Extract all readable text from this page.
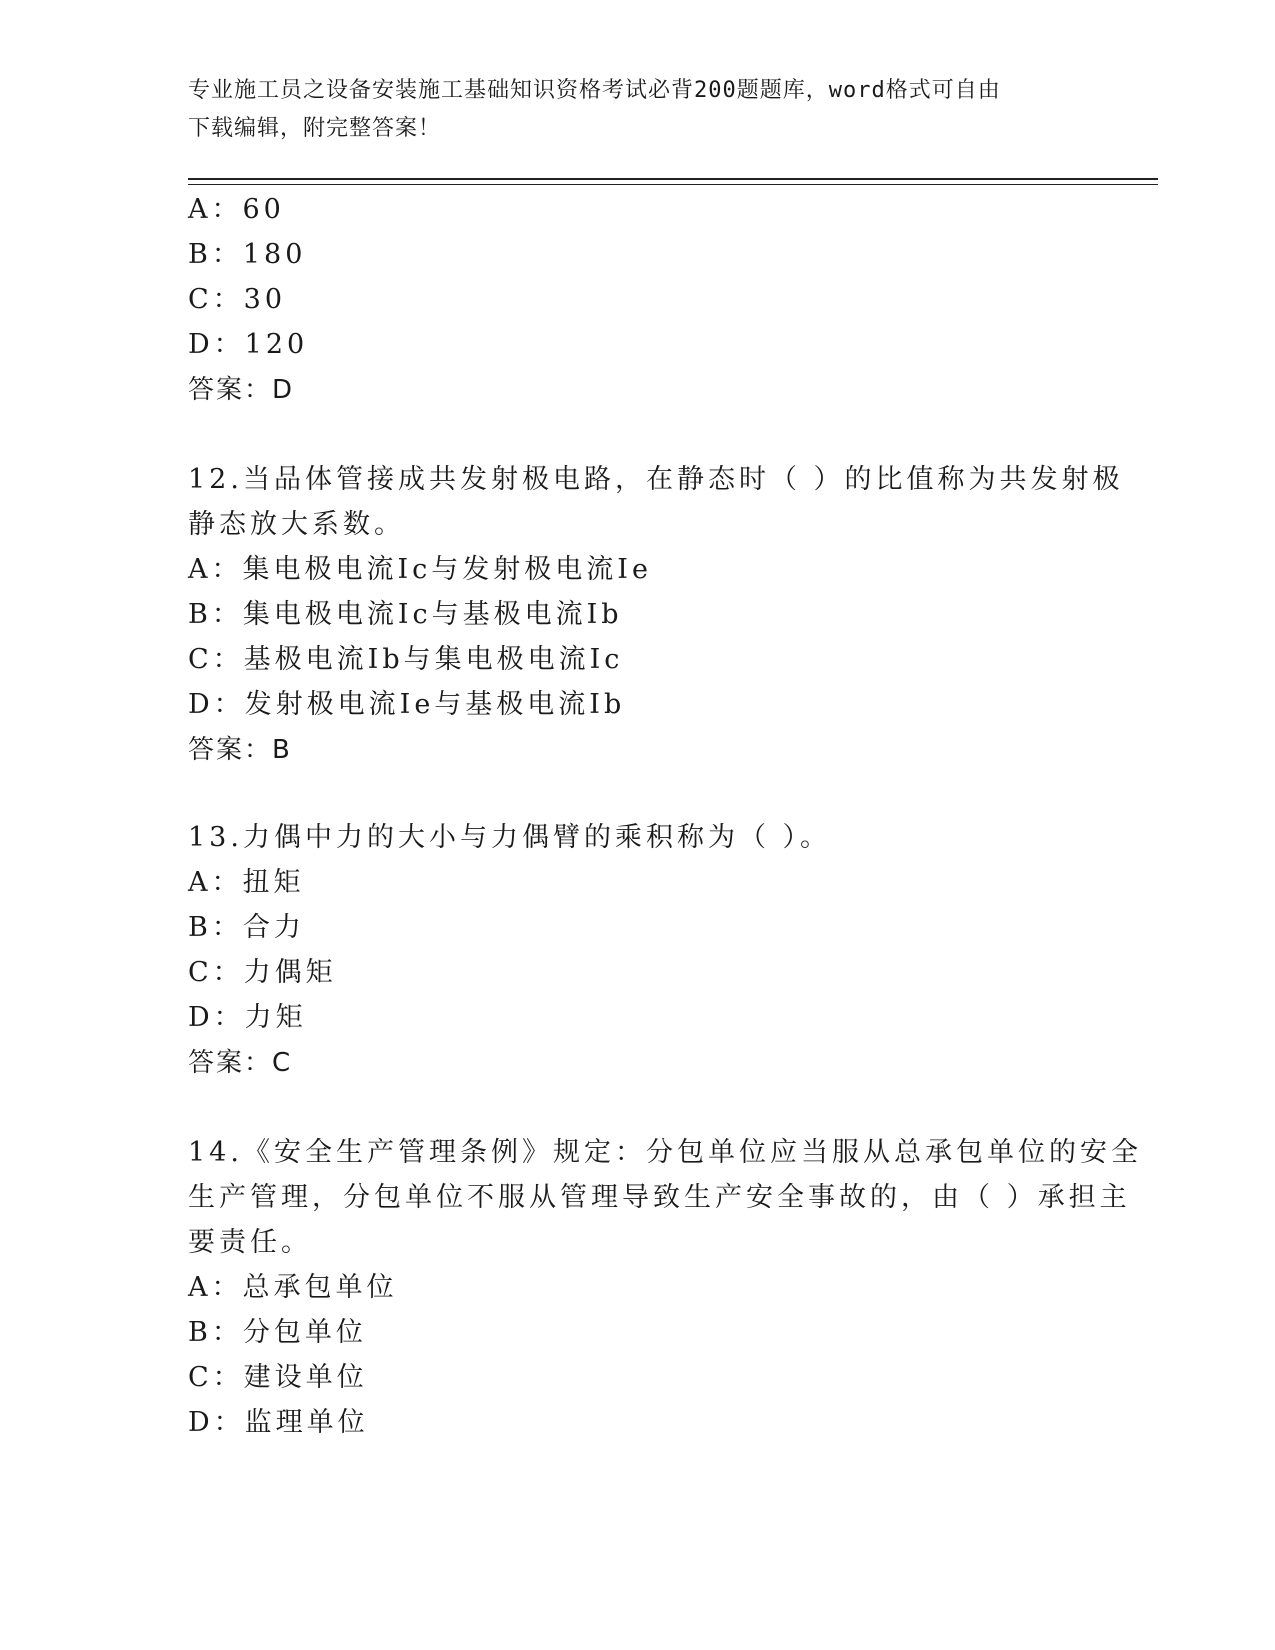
专业施工员之设备安装施工基础知识资格考试必背200题题库，word格式可自由
下载编辑，附完整答案！
A：60
B：180
C：30
D：120
答案：D
12.当品体管接成共发射极电路，在静态时（ ）的比值称为共发射极
静态放大系数。
A：集电极电流Ic与发射极电流Ie
B：集电极电流Ic与基极电流Ib
C：基极电流Ib与集电极电流Ic
D：发射极电流Ie与基极电流Ib
答案：B
13.力偶中力的大小与力偶臂的乘积称为（ ）。
A：扭矩
B：合力
C：力偶矩
D：力矩
答案：C
14.《安全生产管理条例》规定：分包单位应当服从总承包单位的安全
生产管理，分包单位不服从管理导致生产安全事故的，由（ ）承担主
要责任。
A：总承包单位
B：分包单位
C：建设单位
D：监理单位
